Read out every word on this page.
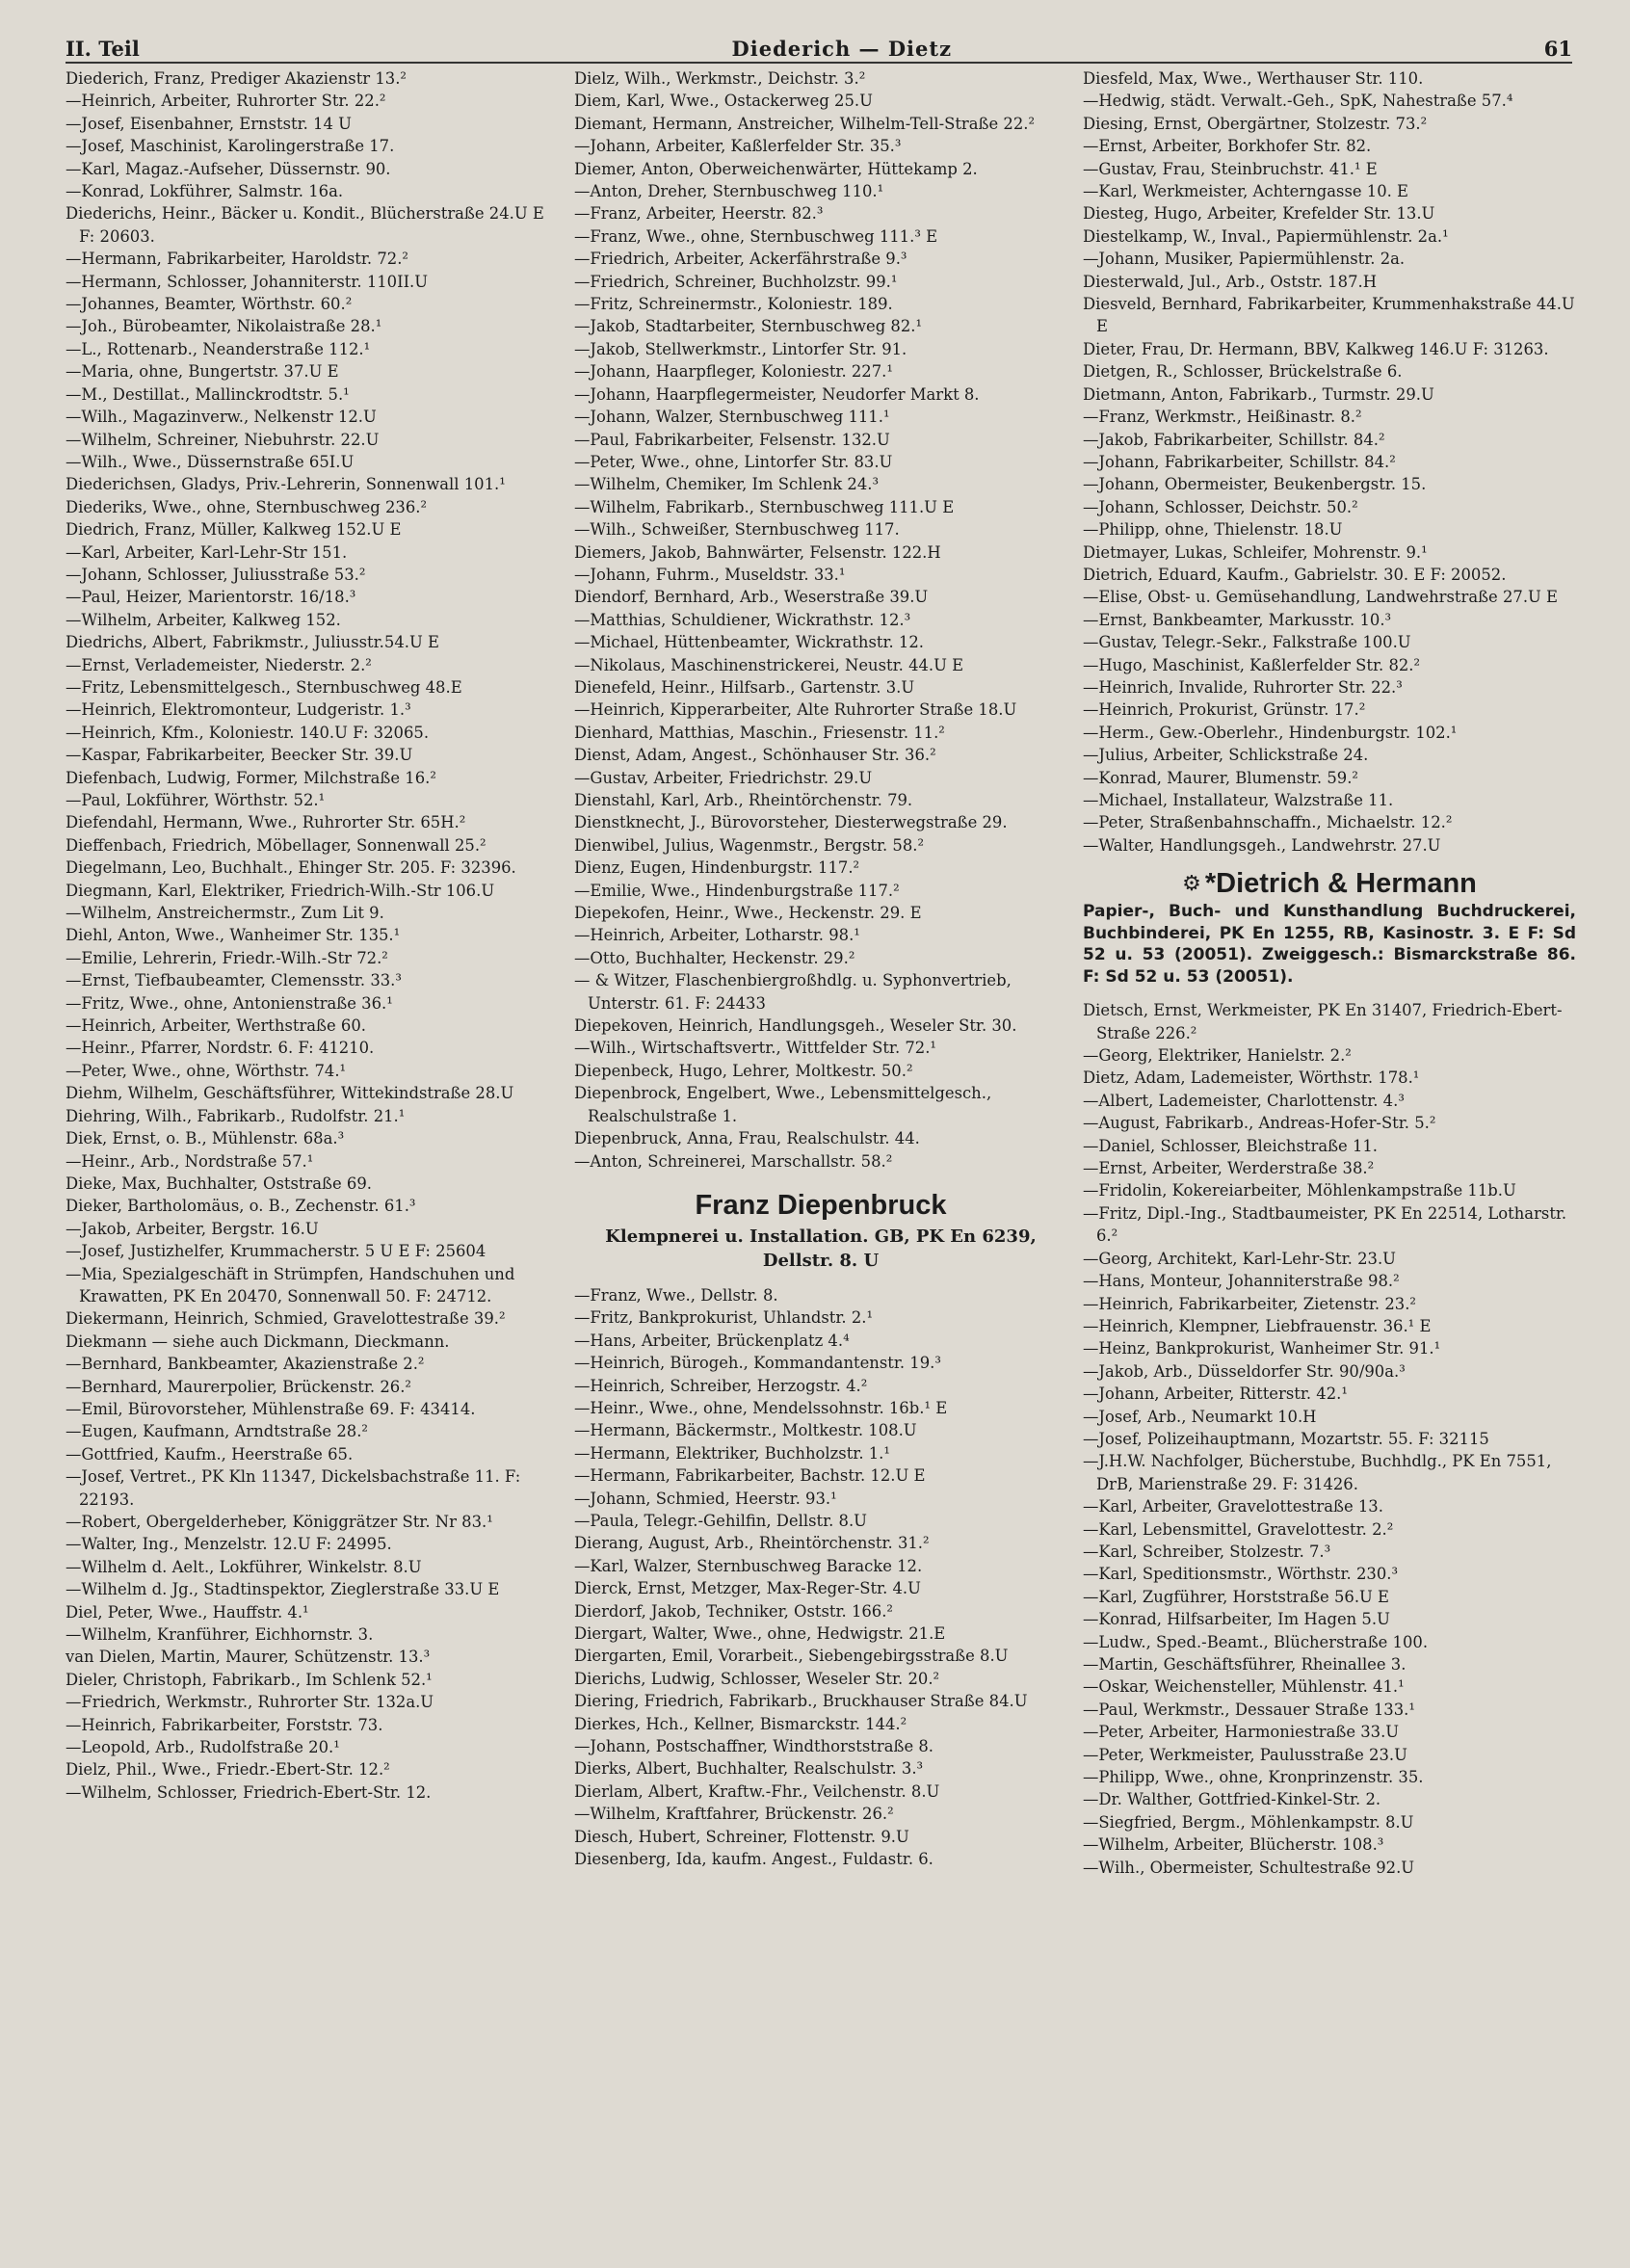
II. Teil	Diederich — Dietz	61
Diederich, Franz, Prediger Akazienstr 13.²
—Heinrich, Arbeiter, Ruhrorter Str. 22.²
—Josef, Eisenbahner, Ernststr. 14 U
—Josef, Maschinist, Karolingerstraße 17.
—Karl, Magaz.-Aufseher, Düssernstr. 90.
—Konrad, Lokführer, Salmstr. 16a.
Diederichs, Heinr., Bäcker u. Kondit., Blücherstraße 24.U E F: 20603.
—Hermann, Fabrikarbeiter, Haroldstr. 72.²
—Hermann, Schlosser, Johanniterstr. 110II.U
—Johannes, Beamter, Wörthstr. 60.²
—Joh., Bürobeamter, Nikolaistraße 28.¹
—L., Rottenarb., Neanderstraße 112.¹
—Maria, ohne, Bungertstr. 37.U E
—M., Destillat., Mallinckrodtstr. 5.¹
—Wilh., Magazinverw., Nelkenstr 12.U
—Wilhelm, Schreiner, Niebuhrstr. 22.U
—Wilh., Wwe., Düssernstraße 65I.U
Diederichsen, Gladys, Priv.-Lehrerin, Sonnenwall 101.¹
Diederiks, Wwe., ohne, Sternbuschweg 236.²
Diedrich, Franz, Müller, Kalkweg 152.U E
—Karl, Arbeiter, Karl-Lehr-Str 151.
—Johann, Schlosser, Juliusstraße 53.²
—Paul, Heizer, Marientorstr. 16/18.³
—Wilhelm, Arbeiter, Kalkweg 152.
Diedrichs, Albert, Fabrikmstr., Juliusstr.54.U E
—Ernst, Verlademeister, Niederstr. 2.²
—Fritz, Lebensmittelgesch., Sternbuschweg 48.E
—Heinrich, Elektromonteur, Ludgeristr. 1.³
—Heinrich, Kfm., Koloniestr. 140.U F: 32065.
—Kaspar, Fabrikarbeiter, Beecker Str. 39.U
Diefenbach, Ludwig, Former, Milchstraße 16.²
—Paul, Lokführer, Wörthstr. 52.¹
Diefendahl, Hermann, Wwe., Ruhrorter Str. 65H.²
Dieffenbach, Friedrich, Möbellager, Sonnenwall 25.²
Diegelmann, Leo, Buchhalt., Ehinger Str. 205. F: 32396.
Diegmann, Karl, Elektriker, Friedrich-Wilh.-Str 106.U
—Wilhelm, Anstreichermstr., Zum Lit 9.
Diehl, Anton, Wwe., Wanheimer Str. 135.¹
—Emilie, Lehrerin, Friedr.-Wilh.-Str 72.²
—Ernst, Tiefbaubeamter, Clemensstr. 33.³
—Fritz, Wwe., ohne, Antonienstraße 36.¹
—Heinrich, Arbeiter, Werthstraße 60.
—Heinr., Pfarrer, Nordstr. 6. F: 41210.
—Peter, Wwe., ohne, Wörthstr. 74.¹
Diehm, Wilhelm, Geschäftsführer, Wittekindstraße 28.U
Diehring, Wilh., Fabrikarb., Rudolfstr. 21.¹
Diek, Ernst, o. B., Mühlenstr. 68a.³
—Heinr., Arb., Nordstraße 57.¹
Dieke, Max, Buchhalter, Oststraße 69.
Dieker, Bartholomäus, o. B., Zechenstr. 61.³
—Jakob, Arbeiter, Bergstr. 16.U
—Josef, Justizhelfer, Krummacherstr. 5 U E F: 25604
—Mia, Spezialgeschäft in Strümpfen, Handschuhen und Krawatten, PK En 20470, Sonnenwall 50. F: 24712.
Diekermann, Heinrich, Schmied, Gravelottestraße 39.²
Diekmann — siehe auch Dickmann, Dieckmann.
—Bernhard, Bankbeamter, Akazienstraße 2.²
—Bernhard, Maurerpolier, Brückenstr. 26.²
—Emil, Bürovorsteher, Mühlenstraße 69. F: 43414.
—Eugen, Kaufmann, Arndtstraße 28.²
—Gottfried, Kaufm., Heerstraße 65.
—Josef, Vertret., PK Kln 11347, Dickelsbachstraße 11. F: 22193.
—Robert, Obergelderheber, Königgrätzer Str. Nr 83.¹
—Walter, Ing., Menzelstr. 12.U F: 24995.
—Wilhelm d. Aelt., Lokführer, Winkelstr. 8.U
—Wilhelm d. Jg., Stadtinspektor, Zieglerstraße 33.U E
Diel, Peter, Wwe., Hauffstr. 4.¹
—Wilhelm, Kranführer, Eichhornstr. 3.
van Dielen, Martin, Maurer, Schützenstr. 13.³
Dieler, Christoph, Fabrikarb., Im Schlenk 52.¹
—Friedrich, Werkmstr., Ruhrorter Str. 132a.U
—Heinrich, Fabrikarbeiter, Forststr. 73.
—Leopold, Arb., Rudolfstraße 20.¹
Dielz, Phil., Wwe., Friedr.-Ebert-Str. 12.²
—Wilhelm, Schlosser, Friedrich-Ebert-Str. 12.
Dielz, Wilh., Werkmstr., Deichstr. 3.²
Diem, Karl, Wwe., Ostackerweg 25.U
Diemant, Hermann, Anstreicher, Wilhelm-Tell-Straße 22.²
—Johann, Arbeiter, Kaßlerfelder Str. 35.³
Diemer, Anton, Oberweichenwärter, Hüttekamp 2.
—Anton, Dreher, Sternbuschweg 110.¹
—Franz, Arbeiter, Heerstr. 82.³
—Franz, Wwe., ohne, Sternbuschweg 111.³ E
—Friedrich, Arbeiter, Ackerfährstraße 9.³
—Friedrich, Schreiner, Buchholzstr. 99.¹
—Fritz, Schreinermstr., Koloniestr. 189.
—Jakob, Stadtarbeiter, Sternbuschweg 82.¹
—Jakob, Stellwerkmstr., Lintorfer Str. 91.
—Johann, Haarpfleger, Koloniestr. 227.¹
—Johann, Haarpflegermeister, Neudorfer Markt 8.
—Johann, Walzer, Sternbuschweg 111.¹
—Paul, Fabrikarbeiter, Felsenstr. 132.U
—Peter, Wwe., ohne, Lintorfer Str. 83.U
—Wilhelm, Chemiker, Im Schlenk 24.³
—Wilhelm, Fabrikarb., Sternbuschweg 111.U E
—Wilh., Schweißer, Sternbuschweg 117.
Diemers, Jakob, Bahnwärter, Felsenstr. 122.H
—Johann, Fuhrm., Museldstr. 33.¹
Diendorf, Bernhard, Arb., Weserstraße 39.U
—Matthias, Schuldiener, Wickrathstr. 12.³
—Michael, Hüttenbeamter, Wickrathstr. 12.
—Nikolaus, Maschinenstrickerei, Neustr. 44.U E
Dienefeld, Heinr., Hilfsarb., Gartenstr. 3.U
—Heinrich, Kipperarbeiter, Alte Ruhrorter Straße 18.U
Dienhard, Matthias, Maschin., Friesenstr. 11.²
Dienst, Adam, Angest., Schönhauser Str. 36.²
—Gustav, Arbeiter, Friedrichstr. 29.U
Dienstahl, Karl, Arb., Rheintörchenstr. 79.
Dienstknecht, J., Bürovorsteher, Diesterwegstraße 29.
Dienwibel, Julius, Wagenmstr., Bergstr. 58.²
Dienz, Eugen, Hindenburgstr. 117.²
—Emilie, Wwe., Hindenburgstraße 117.²
Diepekofen, Heinr., Wwe., Heckenstr. 29. E
—Heinrich, Arbeiter, Lotharstr. 98.¹
—Otto, Buchhalter, Heckenstr. 29.²
— & Witzer, Flaschenbiergroßhdlg. u. Syphonvertrieb, Unterstr. 61. F: 24433
Diepekoven, Heinrich, Handlungsgeh., Weseler Str. 30.
—Wilh., Wirtschaftsvertr., Wittfelder Str. 72.¹
Diepenbeck, Hugo, Lehrer, Moltkestr. 50.²
Diepenbrock, Engelbert, Wwe., Lebensmittelgesch., Realschulstraße 1.
Diepenbruck, Anna, Frau, Realschulstr. 44.
—Anton, Schreinerei, Marschallstr. 58.²
Franz Diepenbruck
Klempnerei u. Installation. GB, PK En 6239, Dellstr. 8. U
—Franz, Wwe., Dellstr. 8.
—Fritz, Bankprokurist, Uhlandstr. 2.¹
—Hans, Arbeiter, Brückenplatz 4.⁴
—Heinrich, Bürogeh., Kommandantenstr. 19.³
—Heinrich, Schreiber, Herzogstr. 4.²
—Heinr., Wwe., ohne, Mendelssohnstr. 16b.¹ E
—Hermann, Bäckermstr., Moltkestr. 108.U
—Hermann, Elektriker, Buchholzstr. 1.¹
—Hermann, Fabrikarbeiter, Bachstr. 12.U E
—Johann, Schmied, Heerstr. 93.¹
—Paula, Telegr.-Gehilfin, Dellstr. 8.U
Dierang, August, Arb., Rheintörchenstr. 31.²
—Karl, Walzer, Sternbuschweg Baracke 12.
Dierck, Ernst, Metzger, Max-Reger-Str. 4.U
Dierdorf, Jakob, Techniker, Oststr. 166.²
Diergart, Walter, Wwe., ohne, Hedwigstr. 21.E
Diergarten, Emil, Vorarbeit., Siebengebirgsstraße 8.U
Dierichs, Ludwig, Schlosser, Weseler Str. 20.²
Diering, Friedrich, Fabrikarb., Bruckhauser Straße 84.U
Dierkes, Hch., Kellner, Bismarckstr. 144.²
—Johann, Postschaffner, Windthorststraße 8.
Dierks, Albert, Buchhalter, Realschulstr. 3.³
Dierlam, Albert, Kraftw.-Fhr., Veilchenstr. 8.U
—Wilhelm, Kraftfahrer, Brückenstr. 26.²
Diesch, Hubert, Schreiner, Flottenstr. 9.U
Diesenberg, Ida, kaufm. Angest., Fuldastr. 6.
Diesfeld, Max, Wwe., Werthauser Str. 110.
—Hedwig, städt. Verwalt.-Geh., SpK, Nahestraße 57.⁴
Diesing, Ernst, Obergärtner, Stolzestr. 73.²
—Ernst, Arbeiter, Borkhofer Str. 82.
—Gustav, Frau, Steinbruchstr. 41.¹ E
—Karl, Werkmeister, Achterngasse 10. E
Diesteg, Hugo, Arbeiter, Krefelder Str. 13.U
Diestelkamp, W., Inval., Papiermühlenstr. 2a.¹
—Johann, Musiker, Papiermühlenstr. 2a.
Diesterwald, Jul., Arb., Oststr. 187.H
Diesveld, Bernhard, Fabrikarbeiter, Krummenhakstraße 44.U E
Dieter, Frau, Dr. Hermann, BBV, Kalkweg 146.U F: 31263.
Dietgen, R., Schlosser, Brückelstraße 6.
Dietmann, Anton, Fabrikarb., Turmstr. 29.U
—Franz, Werkmstr., Heißinastr. 8.²
—Jakob, Fabrikarbeiter, Schillstr. 84.²
—Johann, Fabrikarbeiter, Schillstr. 84.²
—Johann, Obermeister, Beukenbergstr. 15.
—Johann, Schlosser, Deichstr. 50.²
—Philipp, ohne, Thielenstr. 18.U
Dietmayer, Lukas, Schleifer, Mohrenstr. 9.¹
Dietrich, Eduard, Kaufm., Gabrielstr. 30. E F: 20052.
—Elise, Obst- u. Gemüsehandlung, Landwehrstraße 27.U E
—Ernst, Bankbeamter, Markusstr. 10.³
—Gustav, Telegr.-Sekr., Falkstraße 100.U
—Hugo, Maschinist, Kaßlerfelder Str. 82.²
—Heinrich, Invalide, Ruhrorter Str. 22.³
—Heinrich, Prokurist, Grünstr. 17.²
—Herm., Gew.-Oberlehr., Hindenburgstr. 102.¹
—Julius, Arbeiter, Schlickstraße 24.
—Konrad, Maurer, Blumenstr. 59.²
—Michael, Installateur, Walzstraße 11.
—Peter, Straßenbahnschaffn., Michaelstr. 12.²
—Walter, Handlungsgeh., Landwehrstr. 27.U
⚙ *Dietrich & Hermann
Papier-, Buch- und Kunsthandlung Buchdruckerei, Buchbinderei, PK En 1255, RB, Kasinostr. 3. E F: Sd 52 u. 53 (20051). Zweiggesch.: Bismarckstraße 86. F: Sd 52 u. 53 (20051).
Dietsch, Ernst, Werkmeister, PK En 31407, Friedrich-Ebert-Straße 226.²
—Georg, Elektriker, Hanielstr. 2.²
Dietz, Adam, Lademeister, Wörthstr. 178.¹
—Albert, Lademeister, Charlottenstr. 4.³
—August, Fabrikarb., Andreas-Hofer-Str. 5.²
—Daniel, Schlosser, Bleichstraße 11.
—Ernst, Arbeiter, Werderstraße 38.²
—Fridolin, Kokereiarbeiter, Möhlenkampstraße 11b.U
—Fritz, Dipl.-Ing., Stadtbaumeister, PK En 22514, Lotharstr. 6.²
—Georg, Architekt, Karl-Lehr-Str. 23.U
—Hans, Monteur, Johanniterstraße 98.²
—Heinrich, Fabrikarbeiter, Zietenstr. 23.²
—Heinrich, Klempner, Liebfrauenstr. 36.¹ E
—Heinz, Bankprokurist, Wanheimer Str. 91.¹
—Jakob, Arb., Düsseldorfer Str. 90/90a.³
—Johann, Arbeiter, Ritterstr. 42.¹
—Josef, Arb., Neumarkt 10.H
—Josef, Polizeihauptmann, Mozartstr. 55. F: 32115
—J.H.W. Nachfolger, Bücherstube, Buchhdlg., PK En 7551, DrB, Marienstraße 29. F: 31426.
—Karl, Arbeiter, Gravelottestraße 13.
—Karl, Lebensmittel, Gravelottestr. 2.²
—Karl, Schreiber, Stolzestr. 7.³
—Karl, Speditionsmstr., Wörthstr. 230.³
—Karl, Zugführer, Horststraße 56.U E
—Konrad, Hilfsarbeiter, Im Hagen 5.U
—Ludw., Sped.-Beamt., Blücherstraße 100.
—Martin, Geschäftsführer, Rheinallee 3.
—Oskar, Weichensteller, Mühlenstr. 41.¹
—Paul, Werkmstr., Dessauer Straße 133.¹
—Peter, Arbeiter, Harmoniestraße 33.U
—Peter, Werkmeister, Paulusstraße 23.U
—Philipp, Wwe., ohne, Kronprinzenstr. 35.
—Dr. Walther, Gottfried-Kinkel-Str. 2.
—Siegfried, Bergm., Möhlenkampstr. 8.U
—Wilhelm, Arbeiter, Blücherstr. 108.³
—Wilh., Obermeister, Schultestraße 92.U
